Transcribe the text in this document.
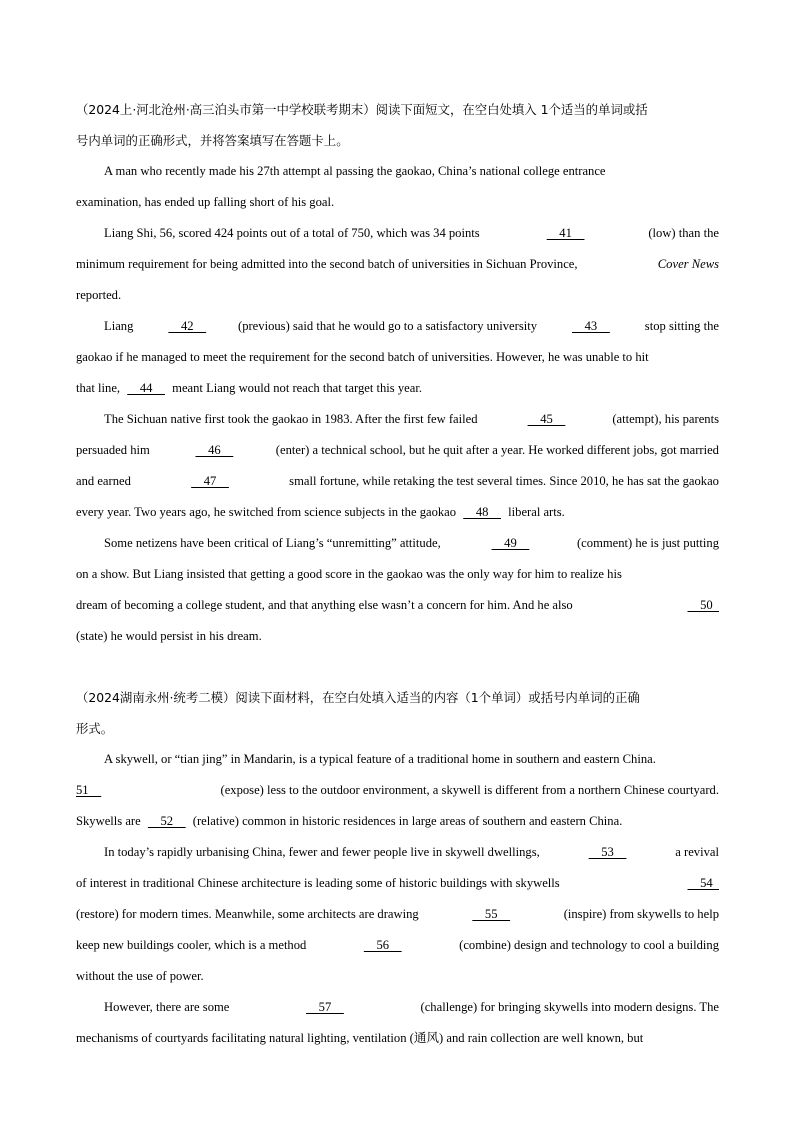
（2024上·河北沧州·高三泊头市第一中学校联考期末）阅读下面短文，在空白处填入 1个适当的单词或括
号内单词的正确形式，并将答案填写在答题卡上。
A man who recently made his 27th attempt al passing the gaokao, China’s national college entrance
examination, has ended up falling short of his goal.
Liang Shi, 56, scored 424 points out of a total of 750, which was 34 points	41	(low) than the
minimum requirement for being admitted into the second batch of universities in Sichuan Province,	Cover News
reported.
Liang	42	(previous) said that he would go to a satisfactory university	43	stop sitting the
gaokao if he managed to meet the requirement for the second batch of universities. However, he was unable to hit
that line, 44 meant Liang would not reach that target this year.
The Sichuan native first took the gaokao in 1983. After the first few failed	45	(attempt), his parents
persuaded him	46	(enter) a technical school, but he quit after a year. He worked different jobs, got married
and earned	47	small fortune, while retaking the test several times. Since 2010, he has sat the gaokao
every year. Two years ago, he switched from science subjects in the gaokao 48 liberal arts.
Some netizens have been critical of Liang’s “unremitting” attitude,	49	(comment) he is just putting
on a show. But Liang insisted that getting a good score in the gaokao was the only way for him to realize his
dream of becoming a college student, and that anything else wasn’t a concern for him. And he also	50
(state) he would persist in his dream.
（2024湖南永州·统考二模）阅读下面材料，在空白处填入适当的内容（1个单词）或括号内单词的正确
形式。
A skywell, or “tian jing” in Mandarin, is a typical feature of a traditional home in southern and eastern China.
51	(expose) less to the outdoor environment, a skywell is different from a northern Chinese courtyard.
Skywells are 52 (relative) common in historic residences in large areas of southern and eastern China.
In today’s rapidly urbanising China, fewer and fewer people live in skywell dwellings,	53	a revival
of interest in traditional Chinese architecture is leading some of historic buildings with skywells	54
(restore) for modern times. Meanwhile, some architects are drawing	55	(inspire) from skywells to help
keep new buildings cooler, which is a method	56	(combine) design and technology to cool a building
without the use of power.
However, there are some	57	(challenge) for bringing skywells into modern designs. The
mechanisms of courtyards facilitating natural lighting, ventilation (通风) and rain collection are well known, but
